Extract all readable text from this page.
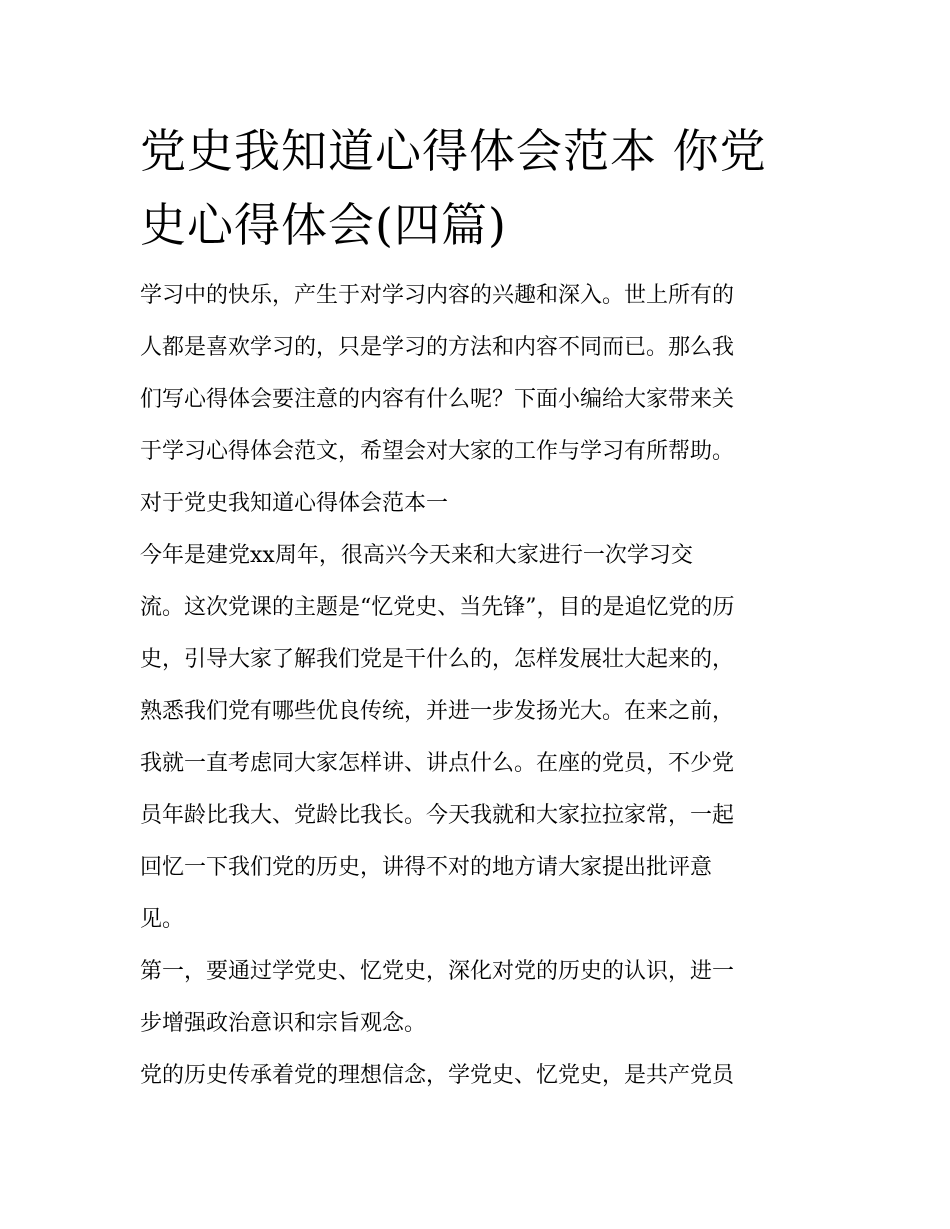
党史我知道心得体会范本 你党
史心得体会(四篇)
学习中的快乐，产生于对学习内容的兴趣和深入。世上所有的
人都是喜欢学习的，只是学习的方法和内容不同而已。那么我
们写心得体会要注意的内容有什么呢？下面小编给大家带来关
于学习心得体会范文，希望会对大家的工作与学习有所帮助。
对于党史我知道心得体会范本一
今年是建党xx周年，很高兴今天来和大家进行一次学习交
流。这次党课的主题是“忆党史、当先锋”，目的是追忆党的历
史，引导大家了解我们党是干什么的，怎样发展壮大起来的，
熟悉我们党有哪些优良传统，并进一步发扬光大。在来之前，
我就一直考虑同大家怎样讲、讲点什么。在座的党员，不少党
员年龄比我大、党龄比我长。今天我就和大家拉拉家常，一起
回忆一下我们党的历史，讲得不对的地方请大家提出批评意
见。
第一，要通过学党史、忆党史，深化对党的历史的认识，进一
步增强政治意识和宗旨观念。
党的历史传承着党的理想信念，学党史、忆党史，是共产党员
